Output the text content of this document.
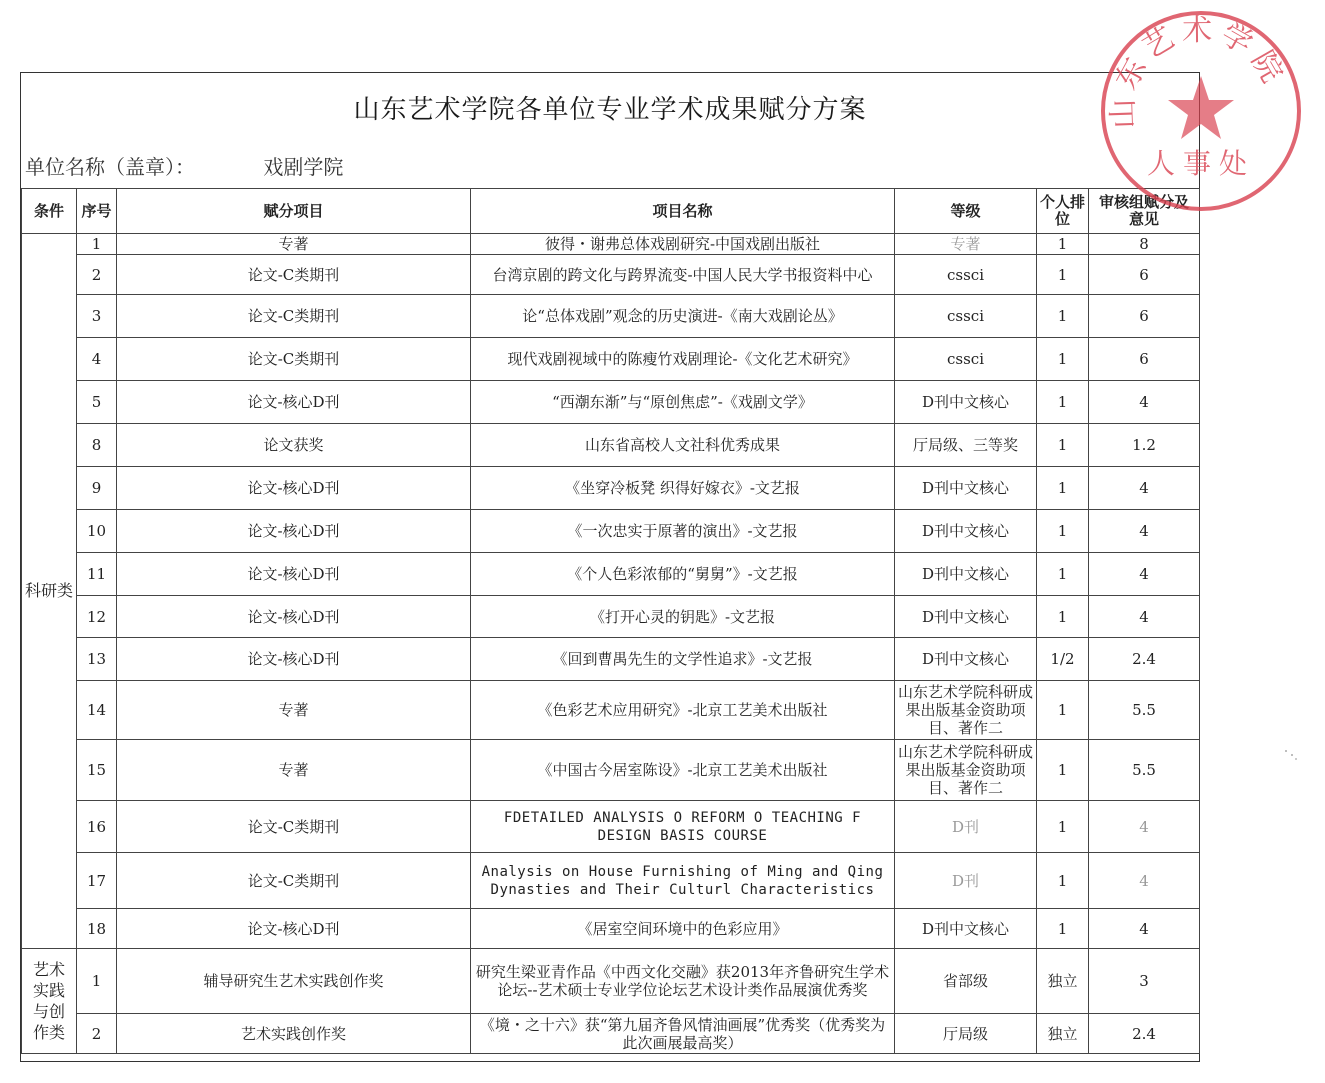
山东艺术学院各单位专业学术成果赋分方案
单位名称（盖章）：	戏剧学院
条件	序号	赋分项目	项目名称	等级	个人排位	审核组赋分及意见
科研类	1	专著	彼得・谢弗总体戏剧研究-中国戏剧出版社	专著	1	8
	2	论文-C类期刊	台湾京剧的跨文化与跨界流变-中国人民大学书报资料中心	cssci	1	6
	3	论文-C类期刊	论“总体戏剧”观念的历史演进-《南大戏剧论丛》	cssci	1	6
	4	论文-C类期刊	现代戏剧视域中的陈瘦竹戏剧理论-《文化艺术研究》	cssci	1	6
	5	论文-核心D刊	“西潮东渐”与“原创焦虑”-《戏剧文学》	D刊中文核心	1	4
	8	论文获奖	山东省高校人文社科优秀成果	厅局级、三等奖	1	1.2
	9	论文-核心D刊	《坐穿冷板凳 织得好嫁衣》-文艺报	D刊中文核心	1	4
	10	论文-核心D刊	《一次忠实于原著的演出》-文艺报	D刊中文核心	1	4
	11	论文-核心D刊	《个人色彩浓郁的“舅舅”》-文艺报	D刊中文核心	1	4
	12	论文-核心D刊	《打开心灵的钥匙》-文艺报	D刊中文核心	1	4
	13	论文-核心D刊	《回到曹禺先生的文学性追求》-文艺报	D刊中文核心	1/2	2.4
	14	专著	《色彩艺术应用研究》-北京工艺美术出版社	山东艺术学院科研成果出版基金资助项目、著作二	1	5.5
	15	专著	《中国古今居室陈设》-北京工艺美术出版社	山东艺术学院科研成果出版基金资助项目、著作二	1	5.5
	16	论文-C类期刊	FDETAILED ANALYSIS O REFORM O TEACHING F DESIGN BASIS COURSE	D刊	1	4
	17	论文-C类期刊	Analysis on House Furnishing of Ming and Qing Dynasties and Their Culturl Characteristics	D刊	1	4
	18	论文-核心D刊	《居室空间环境中的色彩应用》	D刊中文核心	1	4
艺术实践与创作类	1	辅导研究生艺术实践创作奖	研究生梁亚青作品《中西文化交融》获2013年齐鲁研究生学术论坛--艺术硕士专业学位论坛艺术设计类作品展演优秀奖	省部级	独立	3
	2	艺术实践创作奖	《境・之十六》获“第九届齐鲁风情油画展”优秀奖（优秀奖为此次画展最高奖）	厅局级	独立	2.4
山东艺术学院
人事处
